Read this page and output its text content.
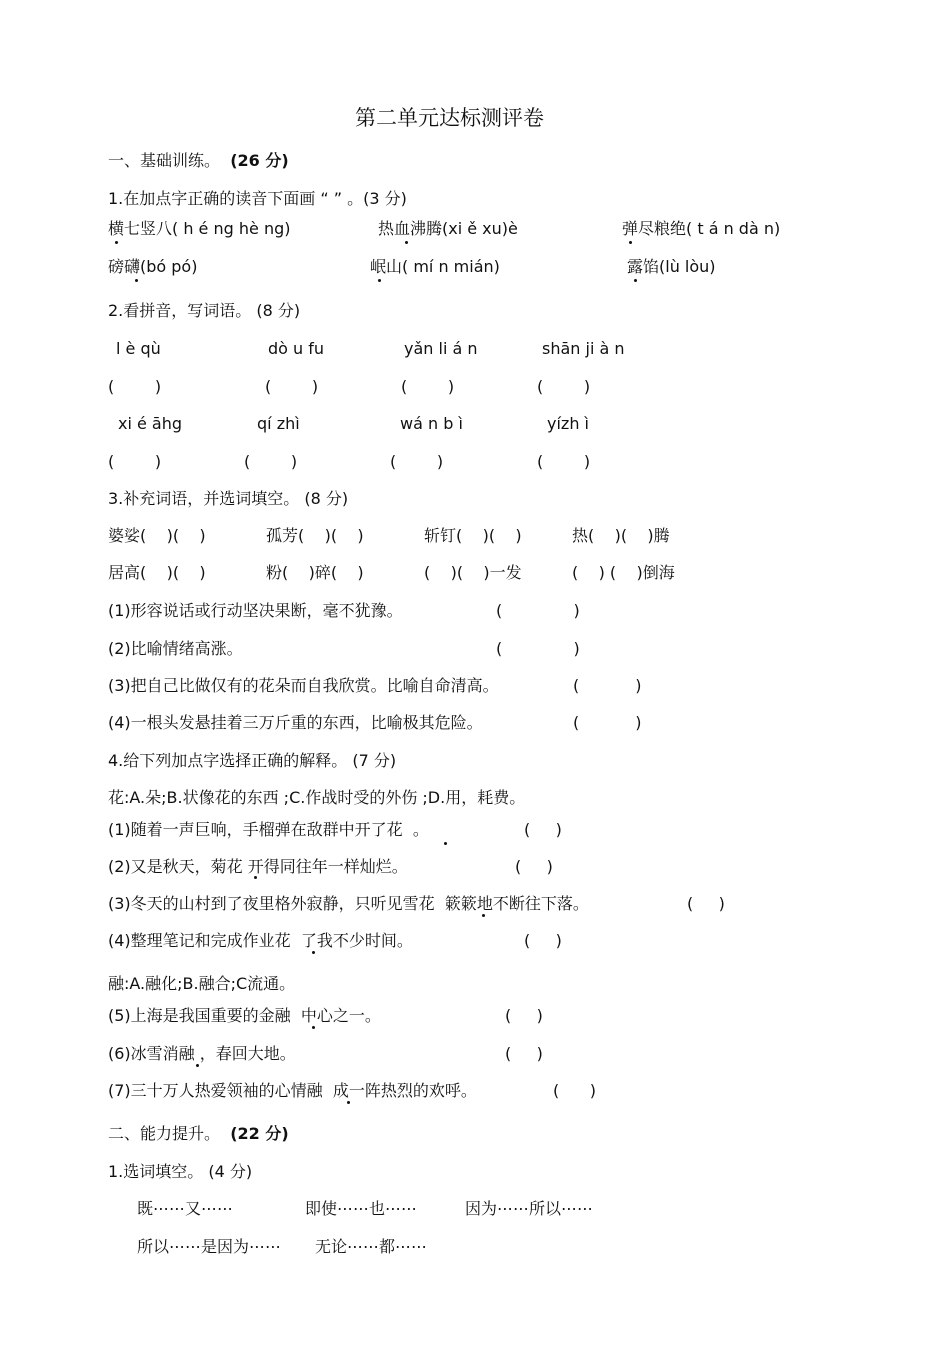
第二单元达标测评卷
一、基础训练。 (26 分)
1.在加点字正确的读音下面画 “ ” 。(3 分)
横七竖八( h é ng hè ng)	热血沸腾(xi ě xu)è	弹尽粮绝( t á n dà n)
磅礴(bó pó)	岷山( mí n mián)	露馅(lù lòu)
2.看拼音，写词语。 (8 分)
l è qù	dò u fu	yǎn li á n	shān ji à n
(        )	(        )	(        )	(        )
xi é āhg	qí zhì	wá n b ì	yízh ì
(        )	(        )	(        )	(        )
3.补充词语，并选词填空。 (8 分)
婆娑(    )(    )	孤芳(    )(    )	斩钉(    )(    )	热(    )(    )腾
居高(    )(    )	粉(    )碎(    )	(    )(    )一发	(    ) (    )倒海
(1)形容说话或行动坚决果断，毫不犹豫。	(              )
(2)比喻情绪高涨。	(              )
(3)把自己比做仅有的花朵而自我欣赏。比喻自命清高。	(           )
(4)一根头发悬挂着三万斤重的东西，比喻极其危险。	(           )
4.给下列加点字选择正确的解释。 (7 分)
花:A.朵;B.状像花的东西 ;C.作战时受的外伤 ;D.用，耗费。
(1)随着一声巨响，手榴弹在敌群中开了花  。	(     )
(2)又是秋天，菊花 开得同往年一样灿烂。	(     )
(3)冬天的山村到了夜里格外寂静，只听见雪花  簌簌地不断往下落。	(     )
(4)整理笔记和完成作业花  了我不少时间。	(     )
融:A.融化;B.融合;C流通。
(5)上海是我国重要的金融  中心之一。	(     )
(6)冰雪消融 ，春回大地。	(     )
(7)三十万人热爱领袖的心情融  成一阵热烈的欢呼。	(      )
二、能力提升。 (22 分)
1.选词填空。 (4 分)
既⋯⋯又⋯⋯	即使⋯⋯也⋯⋯	因为⋯⋯所以⋯⋯
所以⋯⋯是因为⋯⋯ 无论⋯⋯都⋯⋯
